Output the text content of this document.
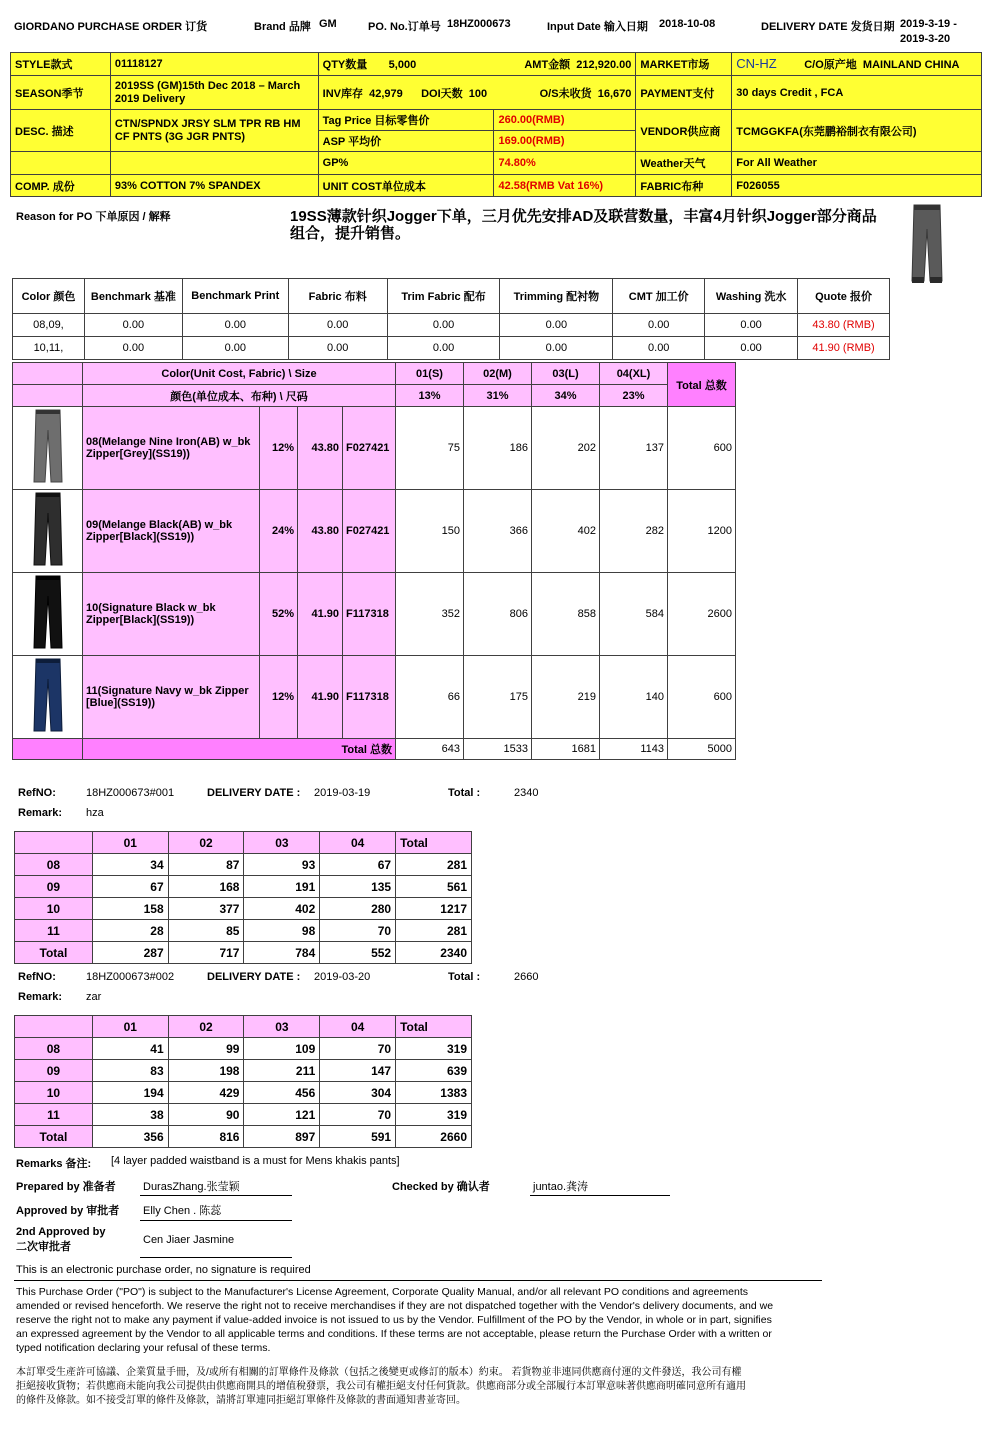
GIORDANO PURCHASE ORDER 订货	Brand 品牌 GM	PO. No.订单号 18HZ000673	Input Date 输入日期 2018-10-08	DELIVERY DATE 发货日期 2019-3-19 -
2019-3-20
STYLE款式	01118127	QTY数量 5,000	AMT金额 212,920.00	MARKET市场	CN-HZ C/O原产地 MAINLAND CHINA
SEASON季节	2019SS (GM)15th Dec 2018 – March 2019 Delivery	INV库存 42,979 DOI天数 100	O/S未收货 16,670	PAYMENT支付	30 days Credit , FCA
DESC. 描述	CTN/SPNDX JRSY SLM TPR RB HM CF PNTS (3G JGR PNTS)	Tag Price 目标零售价	260.00(RMB)	VENDOR供应商	TCMGGKFA(东莞鹏裕制衣有限公司)
		ASP 平均价	169.00(RMB)		
		GP%	74.80%	Weather天气	For All Weather
COMP. 成份	93% COTTON 7% SPANDEX	UNIT COST单位成本	42.58(RMB Vat 16%)	FABRIC布种	F026055
Reason for PO 下单原因 / 解释	19SS薄款针织Jogger下单，三月优先安排AD及联营数量，丰富4月针织Jogger部分商品组合，提升销售。
Color 颜色	Benchmark 基准	Benchmark Print	Fabric 布料	Trim Fabric 配布	Trimming 配衬物	CMT 加工价	Washing 洗水	Quote 报价
08,09,	0.00	0.00	0.00	0.00	0.00	0.00	0.00	43.80 (RMB)
10,11,	0.00	0.00	0.00	0.00	0.00	0.00	0.00	41.90 (RMB)
	Color(Unit Cost, Fabric) \ Size				01(S)	02(M)	03(L)	04(XL)	Total 总数
	颜色(单位成本、布种) \ 尺码				13%	31%	34%	23%	
	08(Melange Nine Iron(AB) w_bk Zipper[Grey](SS19))	12%	43.80	F027421	75	186	202	137	600
	09(Melange Black(AB) w_bk Zipper[Black](SS19))	24%	43.80	F027421	150	366	402	282	1200
	10(Signature Black w_bk Zipper[Black](SS19))	52%	41.90	F117318	352	806	858	584	2600
	11(Signature Navy w_bk Zipper [Blue](SS19))	12%	41.90	F117318	66	175	219	140	600
	Total 总数				643	1533	1681	1143	5000
RefNO:	18HZ000673#001	DELIVERY DATE : 2019-03-19	Total :	2340
Remark: hza
	01	02	03	04	Total
08	34	87	93	67	281
09	67	168	191	135	561
10	158	377	402	280	1217
11	28	85	98	70	281
Total	287	717	784	552	2340
RefNO:	18HZ000673#002	DELIVERY DATE : 2019-03-20	Total :	2660
Remark: zar
	01	02	03	04	Total
08	41	99	109	70	319
09	83	198	211	147	639
10	194	429	456	304	1383
11	38	90	121	70	319
Total	356	816	897	591	2660
Remarks 备注: [4 layer padded waistband is a must for Mens khakis pants]
Prepared by 准备者 DurasZhang.张莹颖	Checked by 确认者	juntao.龚涛
Approved by 审批者 Elly Chen . 陈蕊
2nd Approved by
二次审批者
Cen Jiaer Jasmine
This is an electronic purchase order, no signature is required
This Purchase Order ("PO") is subject to the Manufacturer's License Agreement, Corporate Quality Manual, and/or all relevant PO conditions and agreements
amended or revised henceforth. We reserve the right not to receive merchandises if they are not dispatched together with the Vendor's delivery documents, and we
reserve the right not to make any payment if value-added invoice is not issued to us by the Vendor. Fulfillment of the PO by the Vendor, in whole or in part, signifies
an expressed agreement by the Vendor to all applicable terms and conditions. If these terms are not acceptable, please return the Purchase Order with a written or
typed notification declaring your refusal of these terms.
本訂單受生產許可協議、企業質量手冊，及/或所有相關的訂單條件及條款（包括之後變更或修訂的版本）約束。 若貨物並非連同供應商付運的文件發送，我公司有權
拒絕接收貨物；若供應商未能向我公司提供由供應商開具的增值稅發票，我公司有權拒絕支付任何貨款。供應商部分或全部履行本訂單意味著供應商明確同意所有適用
的條件及條款。如不接受訂單的條件及條款，請將訂單連同拒絕訂單條件及條款的書面通知書並寄回。
